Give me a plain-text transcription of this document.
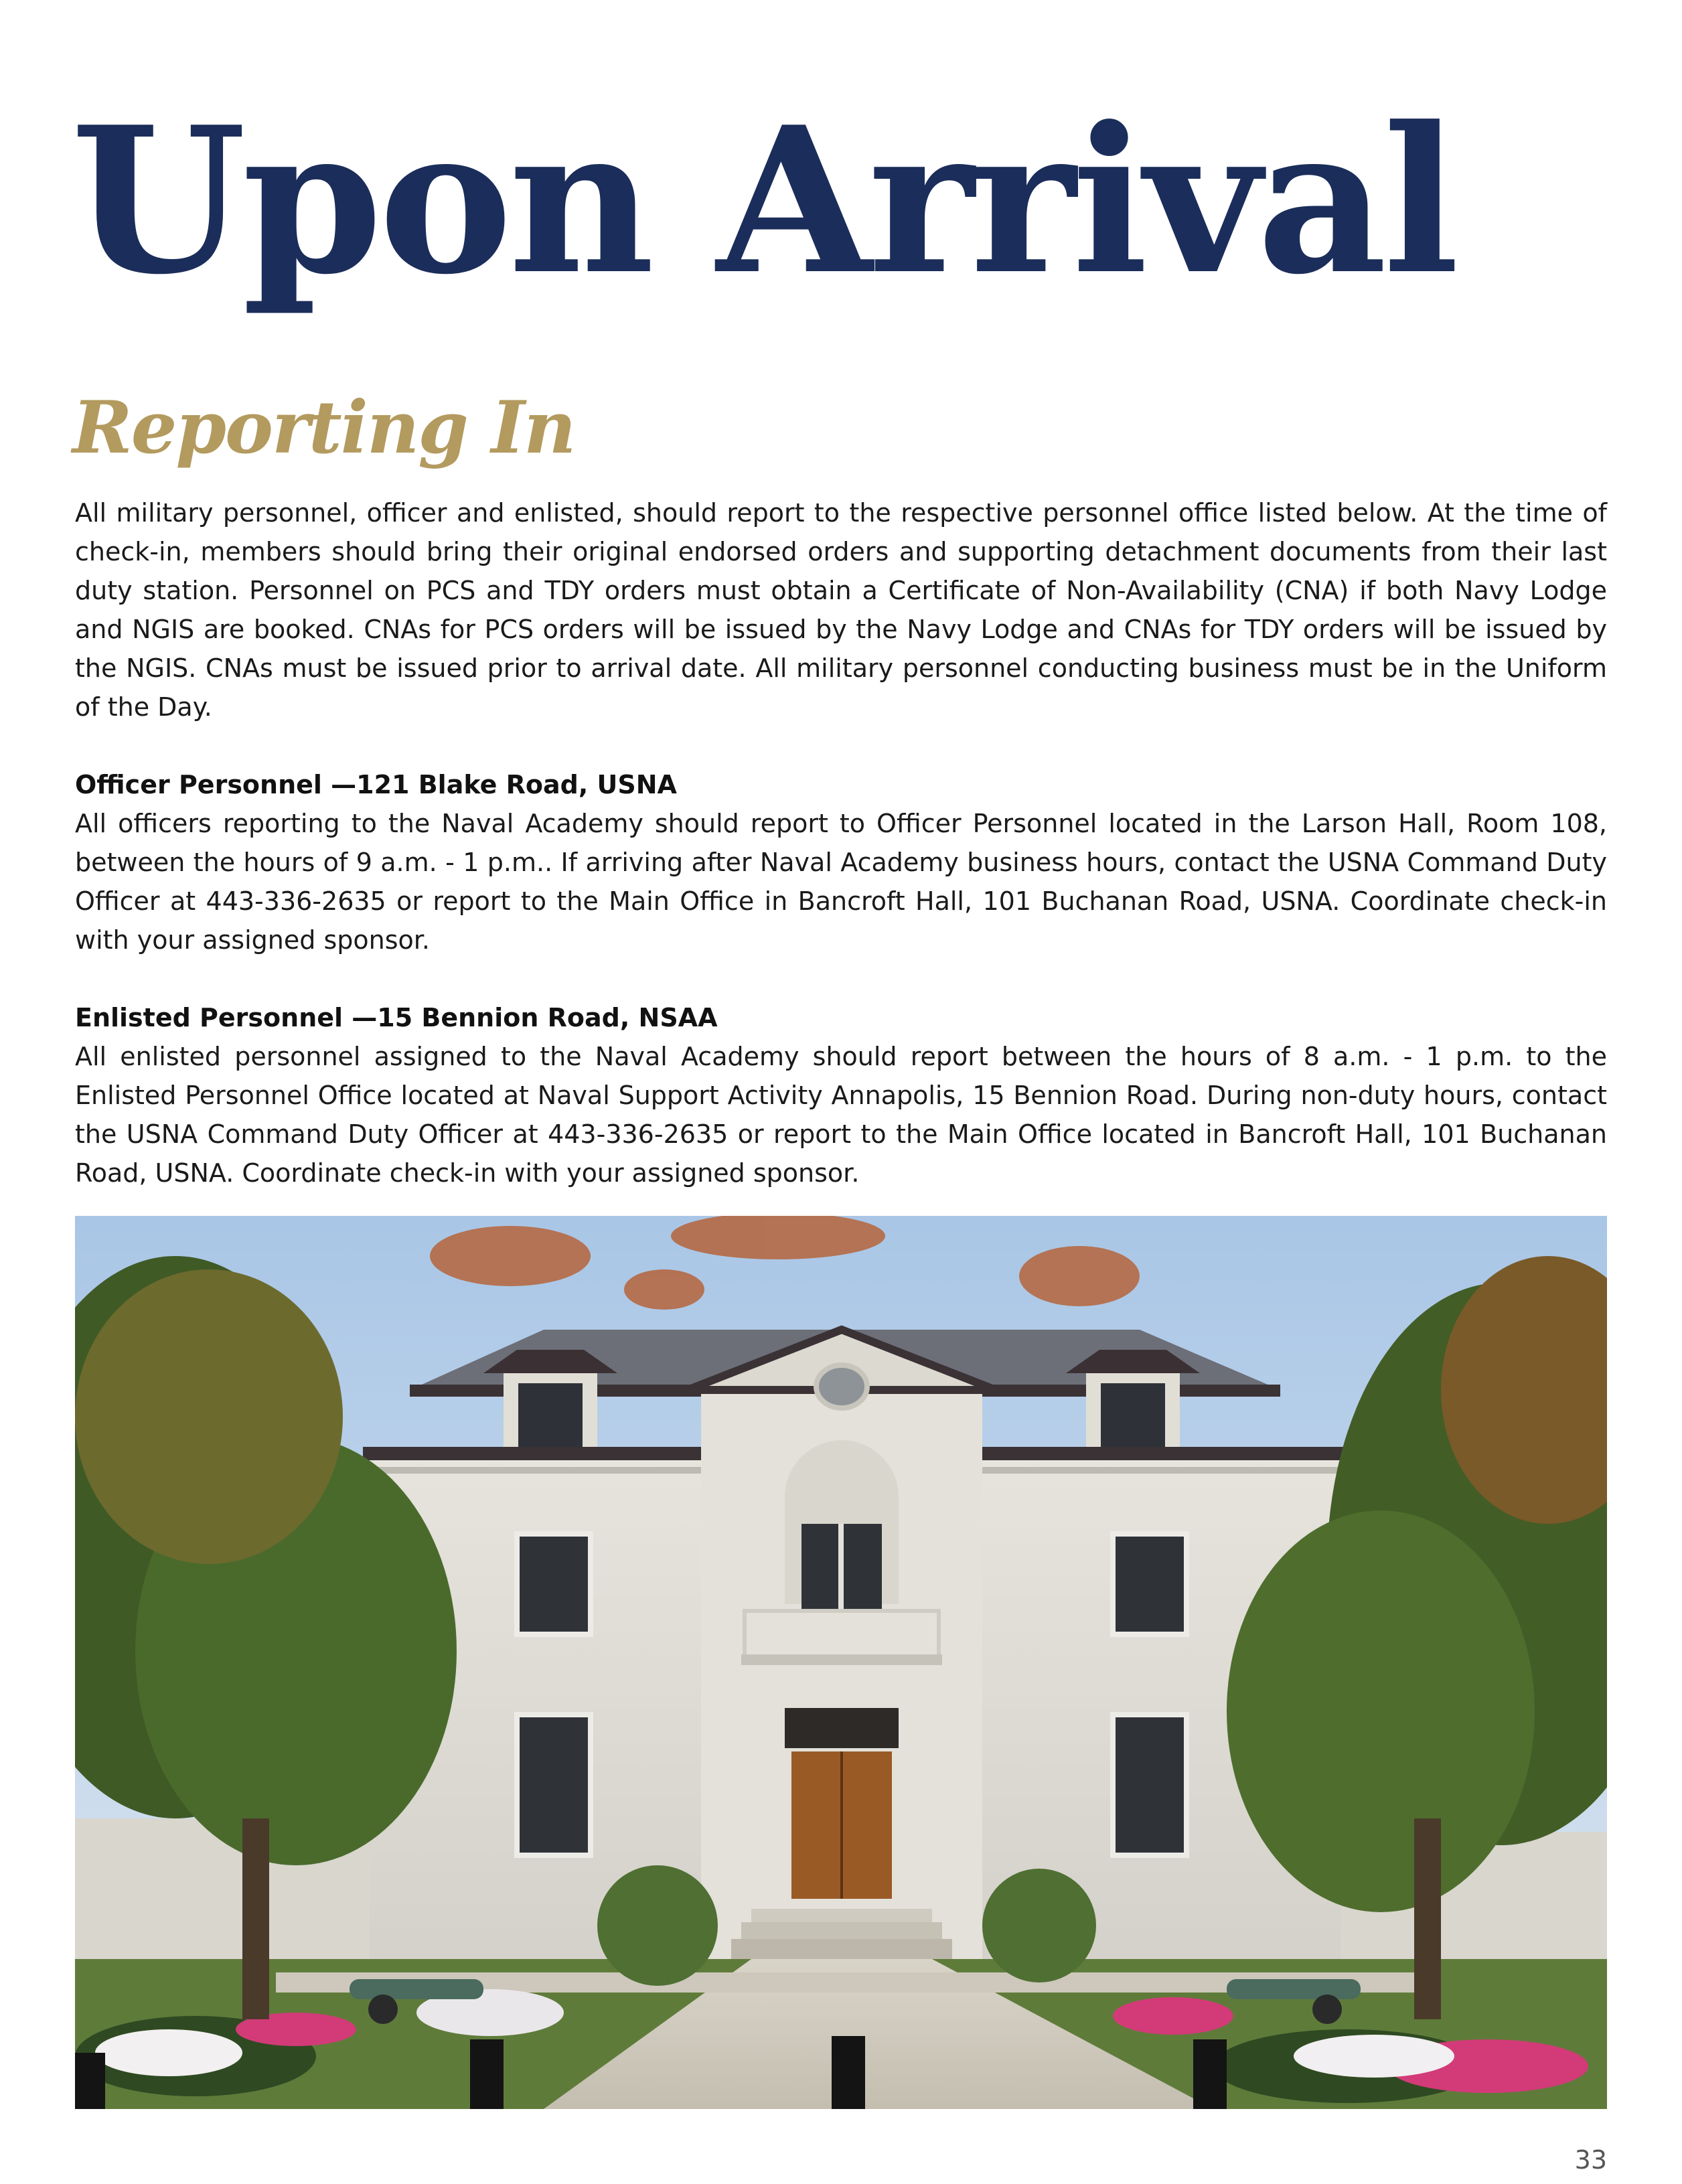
Upon Arrival
Reporting In

All military personnel, officer and enlisted, should report to the respective personnel office listed below. At the time of check-in, members should bring their original endorsed orders and supporting detachment documents from their last duty station. Personnel on PCS and TDY orders must obtain a Certificate of Non-Availability (CNA) if both Navy Lodge and NGIS are booked. CNAs for PCS orders will be issued by the Navy Lodge and CNAs for TDY orders will be issued by the NGIS. CNAs must be issued prior to arrival date. All military personnel conducting business must be in the Uniform of the Day.

Officer Personnel —121 Blake Road, USNA

All officers reporting to the Naval Academy should report to Officer Personnel located in the Larson Hall, Room 108, between the hours of 9 a.m. - 1 p.m.. If arriving after Naval Academy business hours, contact the USNA Command Duty Officer at 443-336-2635 or report to the Main Office in Bancroft Hall, 101 Buchanan Road, USNA. Coordinate check-in with your assigned sponsor.

Enlisted Personnel —15 Bennion Road, NSAA

All enlisted personnel assigned to the Naval Academy should report between the hours of 8 a.m. - 1 p.m. to the Enlisted Personnel Office located at Naval Support Activity Annapolis, 15 Bennion Road. During non-duty hours, contact the USNA Command Duty Officer at 443-336-2635 or report to the Main Office located in Bancroft Hall, 101 Buchanan Road, USNA. Coordinate check-in with your assigned sponsor.

33
